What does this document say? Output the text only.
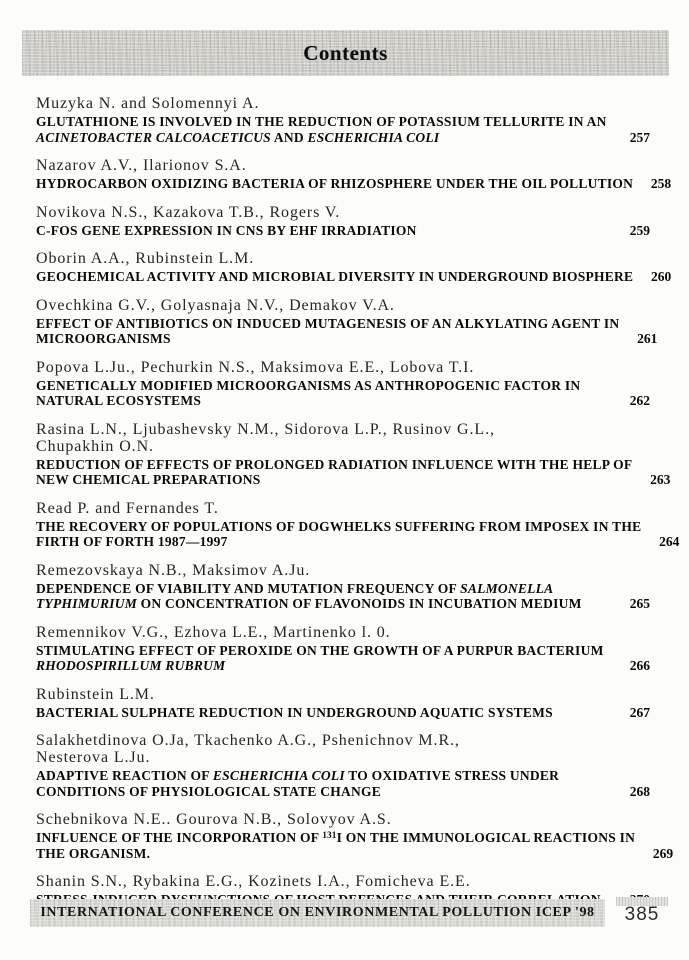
Contents
Muzyka N. and Solomennyi A.
GLUTATHIONE IS INVOLVED IN THE REDUCTION OF POTASSIUM TELLURITE IN AN
ACINETOBACTER CALCOACETICUS AND ESCHERICHIA COLI	257
Nazarov A.V., Ilarionov S.A.
HYDROCARBON OXIDIZING BACTERIA OF RHIZOSPHERE UNDER THE OIL POLLUTION	258
Novikova N.S., Kazakova T.B., Rogers V.
C-FOS GENE EXPRESSION IN CNS BY EHF IRRADIATION	259
Oborin A.A., Rubinstein L.M.
GEOCHEMICAL ACTIVITY AND MICROBIAL DIVERSITY IN UNDERGROUND BIOSPHERE	260
Ovechkina G.V., Golyasnaja N.V., Demakov V.A.
EFFECT OF ANTIBIOTICS ON INDUCED MUTAGENESIS OF AN ALKYLATING AGENT IN
MICROORGANISMS	261
Popova L.Ju., Pechurkin N.S., Maksimova E.E., Lobova T.I.
GENETICALLY MODIFIED MICROORGANISMS AS ANTHROPOGENIC FACTOR IN
NATURAL ECOSYSTEMS	262
Rasina L.N., Ljubashevsky N.M., Sidorova L.P., Rusinov G.L.,
Chupakhin O.N.
REDUCTION OF EFFECTS OF PROLONGED RADIATION INFLUENCE WITH THE HELP OF
NEW CHEMICAL PREPARATIONS	263
Read P. and Fernandes T.
THE RECOVERY OF POPULATIONS OF DOGWHELKS SUFFERING FROM IMPOSEX IN THE
FIRTH OF FORTH 1987—1997	264
Remezovskaya N.B., Maksimov A.Ju.
DEPENDENCE OF VIABILITY AND MUTATION FREQUENCY OF SALMONELLA
TYPHIMURIUM ON CONCENTRATION OF FLAVONOIDS IN INCUBATION MEDIUM	265
Remennikov V.G., Ezhova L.E., Martinenko l. 0.
STIMULATING EFFECT OF PEROXIDE ON THE GROWTH OF A PURPUR BACTERIUM
RHODOSPIRILLUM RUBRUM	266
Rubinstein L.M.
BACTERIAL SULPHATE REDUCTION IN UNDERGROUND AQUATIC SYSTEMS	267
Salakhetdinova O.Ja, Tkachenko A.G., Pshenichnov M.R.,
Nesterova L.Ju.
ADAPTIVE REACTION OF ESCHERICHIA COLI TO OXIDATIVE STRESS UNDER
CONDITIONS OF PHYSIOLOGICAL STATE CHANGE	268
Schebnikova N.E.. Gourova N.B., Solovyov A.S.
INFLUENCE OF THE INCORPORATION OF $^{131}$I ON THE IMMUNOLOGICAL REACTIONS IN
THE ORGANISM.	269
Shanin S.N., Rybakina E.G., Kozinets I.A., Fomicheva E.E.
INTERNATIONAL CONFERENCE ON ENVIRONMENTAL POLLUTION ICEP '98	385
